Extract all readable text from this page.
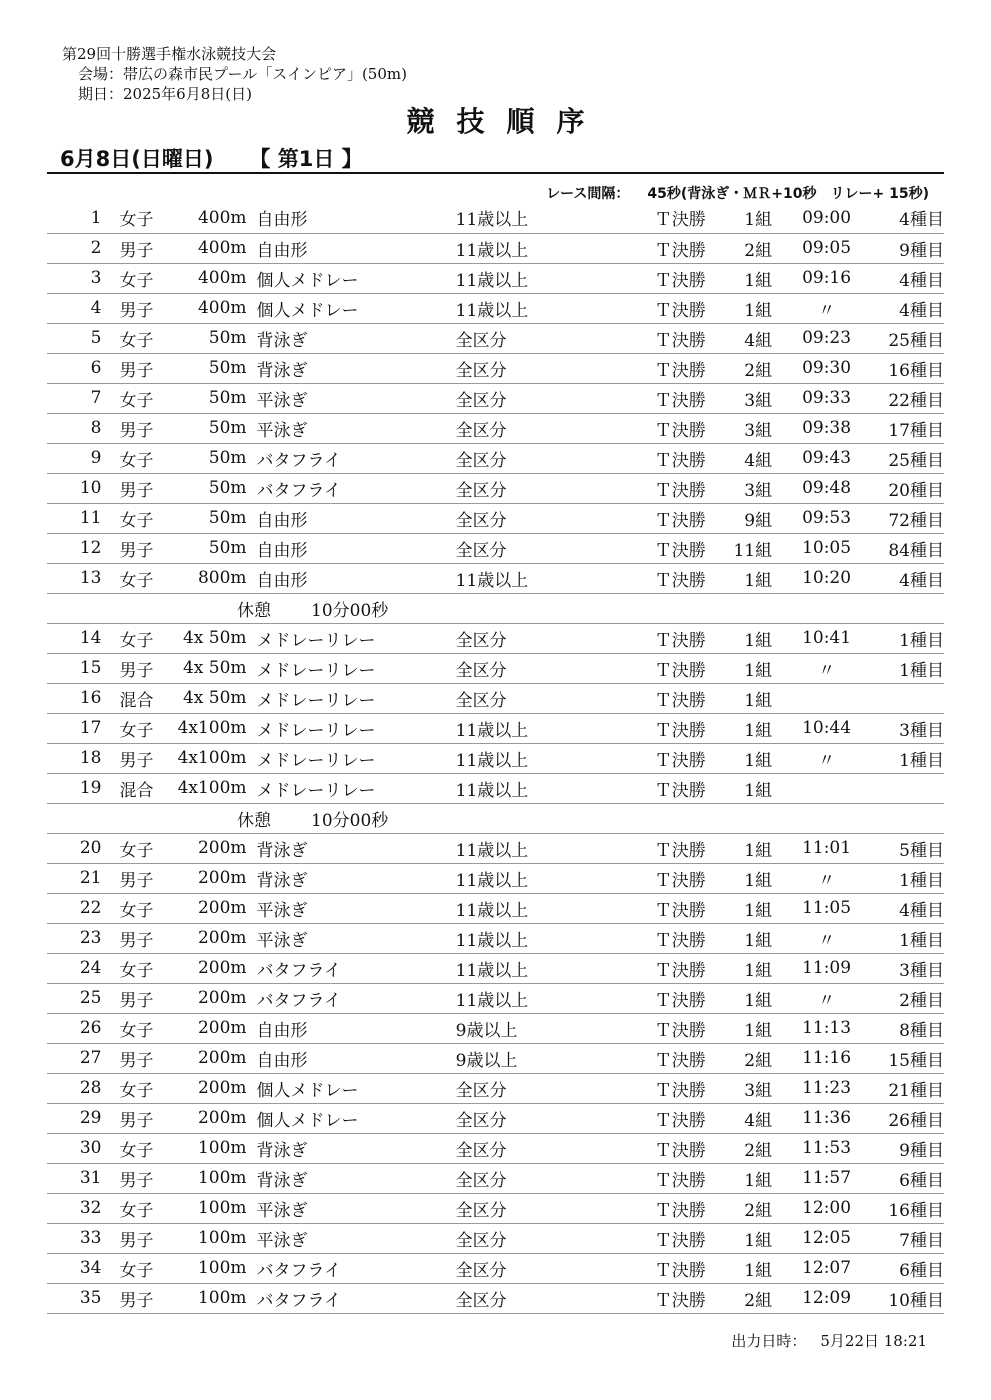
第29回十勝選手権水泳競技大会
会場：帯広の森市民プール「スインピア」(50m)
期日：2025年6月8日(日)
競技順序
6月8日(日曜日) 【 第1日 】
レース間隔： 45秒(背泳ぎ・ＭＲ+10秒　リレー+ 15秒)
1	女子	400m	自由形	11歳以上	Ｔ決勝	1組	09:00	4種目
2	男子	400m	自由形	11歳以上	Ｔ決勝	2組	09:05	9種目
3	女子	400m	個人メドレー	11歳以上	Ｔ決勝	1組	09:16	4種目
4	男子	400m	個人メドレー	11歳以上	Ｔ決勝	1組	〃	4種目
5	女子	50m	背泳ぎ	全区分	Ｔ決勝	4組	09:23	25種目
6	男子	50m	背泳ぎ	全区分	Ｔ決勝	2組	09:30	16種目
7	女子	50m	平泳ぎ	全区分	Ｔ決勝	3組	09:33	22種目
8	男子	50m	平泳ぎ	全区分	Ｔ決勝	3組	09:38	17種目
9	女子	50m	バタフライ	全区分	Ｔ決勝	4組	09:43	25種目
10	男子	50m	バタフライ	全区分	Ｔ決勝	3組	09:48	20種目
11	女子	50m	自由形	全区分	Ｔ決勝	9組	09:53	72種目
12	男子	50m	自由形	全区分	Ｔ決勝	11組	10:05	84種目
13	女子	800m	自由形	11歳以上	Ｔ決勝	1組	10:20	4種目
休憩 10分00秒								
14	女子	4x 50m	メドレーリレー	全区分	Ｔ決勝	1組	10:41	1種目
15	男子	4x 50m	メドレーリレー	全区分	Ｔ決勝	1組	〃	1種目
16	混合	4x 50m	メドレーリレー	全区分	Ｔ決勝	1組		
17	女子	4x100m	メドレーリレー	11歳以上	Ｔ決勝	1組	10:44	3種目
18	男子	4x100m	メドレーリレー	11歳以上	Ｔ決勝	1組	〃	1種目
19	混合	4x100m	メドレーリレー	11歳以上	Ｔ決勝	1組		
休憩 10分00秒								
20	女子	200m	背泳ぎ	11歳以上	Ｔ決勝	1組	11:01	5種目
21	男子	200m	背泳ぎ	11歳以上	Ｔ決勝	1組	〃	1種目
22	女子	200m	平泳ぎ	11歳以上	Ｔ決勝	1組	11:05	4種目
23	男子	200m	平泳ぎ	11歳以上	Ｔ決勝	1組	〃	1種目
24	女子	200m	バタフライ	11歳以上	Ｔ決勝	1組	11:09	3種目
25	男子	200m	バタフライ	11歳以上	Ｔ決勝	1組	〃	2種目
26	女子	200m	自由形	9歳以上	Ｔ決勝	1組	11:13	8種目
27	男子	200m	自由形	9歳以上	Ｔ決勝	2組	11:16	15種目
28	女子	200m	個人メドレー	全区分	Ｔ決勝	3組	11:23	21種目
29	男子	200m	個人メドレー	全区分	Ｔ決勝	4組	11:36	26種目
30	女子	100m	背泳ぎ	全区分	Ｔ決勝	2組	11:53	9種目
31	男子	100m	背泳ぎ	全区分	Ｔ決勝	1組	11:57	6種目
32	女子	100m	平泳ぎ	全区分	Ｔ決勝	2組	12:00	16種目
33	男子	100m	平泳ぎ	全区分	Ｔ決勝	1組	12:05	7種目
34	女子	100m	バタフライ	全区分	Ｔ決勝	1組	12:07	6種目
35	男子	100m	バタフライ	全区分	Ｔ決勝	2組	12:09	10種目
出力日時： 5月22日 18:21
